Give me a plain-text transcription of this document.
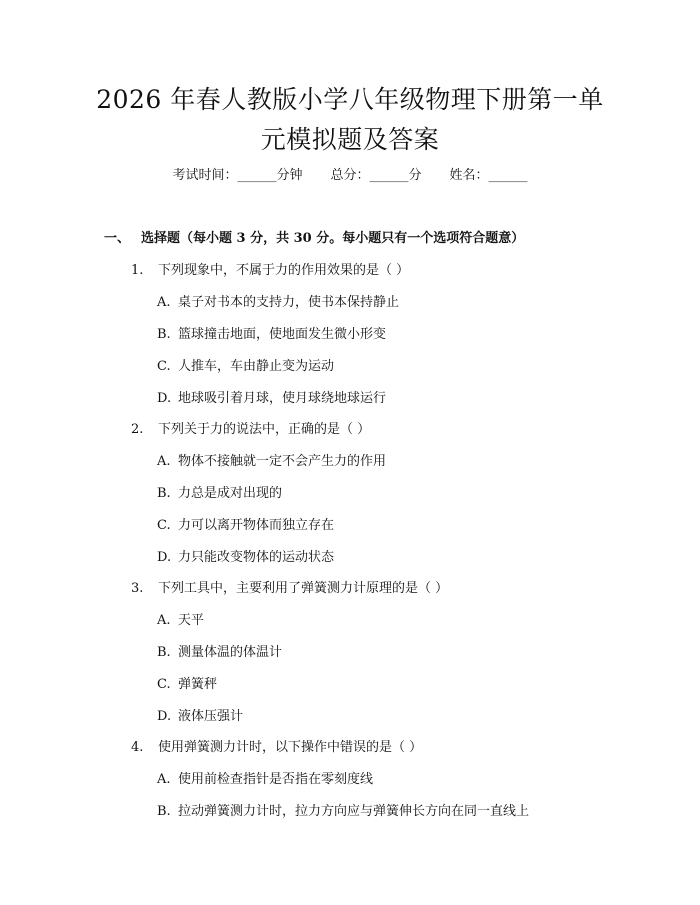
2026 年春人教版小学八年级物理下册第一单
元模拟题及答案
考试时间：______分钟 总分：______分 姓名：______
一、 选择题（每小题 3 分，共 30 分。每小题只有一个选项符合题意）
1. 下列现象中，不属于力的作用效果的是（ ）
A. 桌子对书本的支持力，使书本保持静止
B. 篮球撞击地面，使地面发生微小形变
C. 人推车，车由静止变为运动
D. 地球吸引着月球，使月球绕地球运行
2. 下列关于力的说法中，正确的是（ ）
A. 物体不接触就一定不会产生力的作用
B. 力总是成对出现的
C. 力可以离开物体而独立存在
D. 力只能改变物体的运动状态
3. 下列工具中，主要利用了弹簧测力计原理的是（ ）
A. 天平
B. 测量体温的体温计
C. 弹簧秤
D. 液体压强计
4. 使用弹簧测力计时，以下操作中错误的是（ ）
A. 使用前检查指针是否指在零刻度线
B. 拉动弹簧测力计时，拉力方向应与弹簧伸长方向在同一直线上
